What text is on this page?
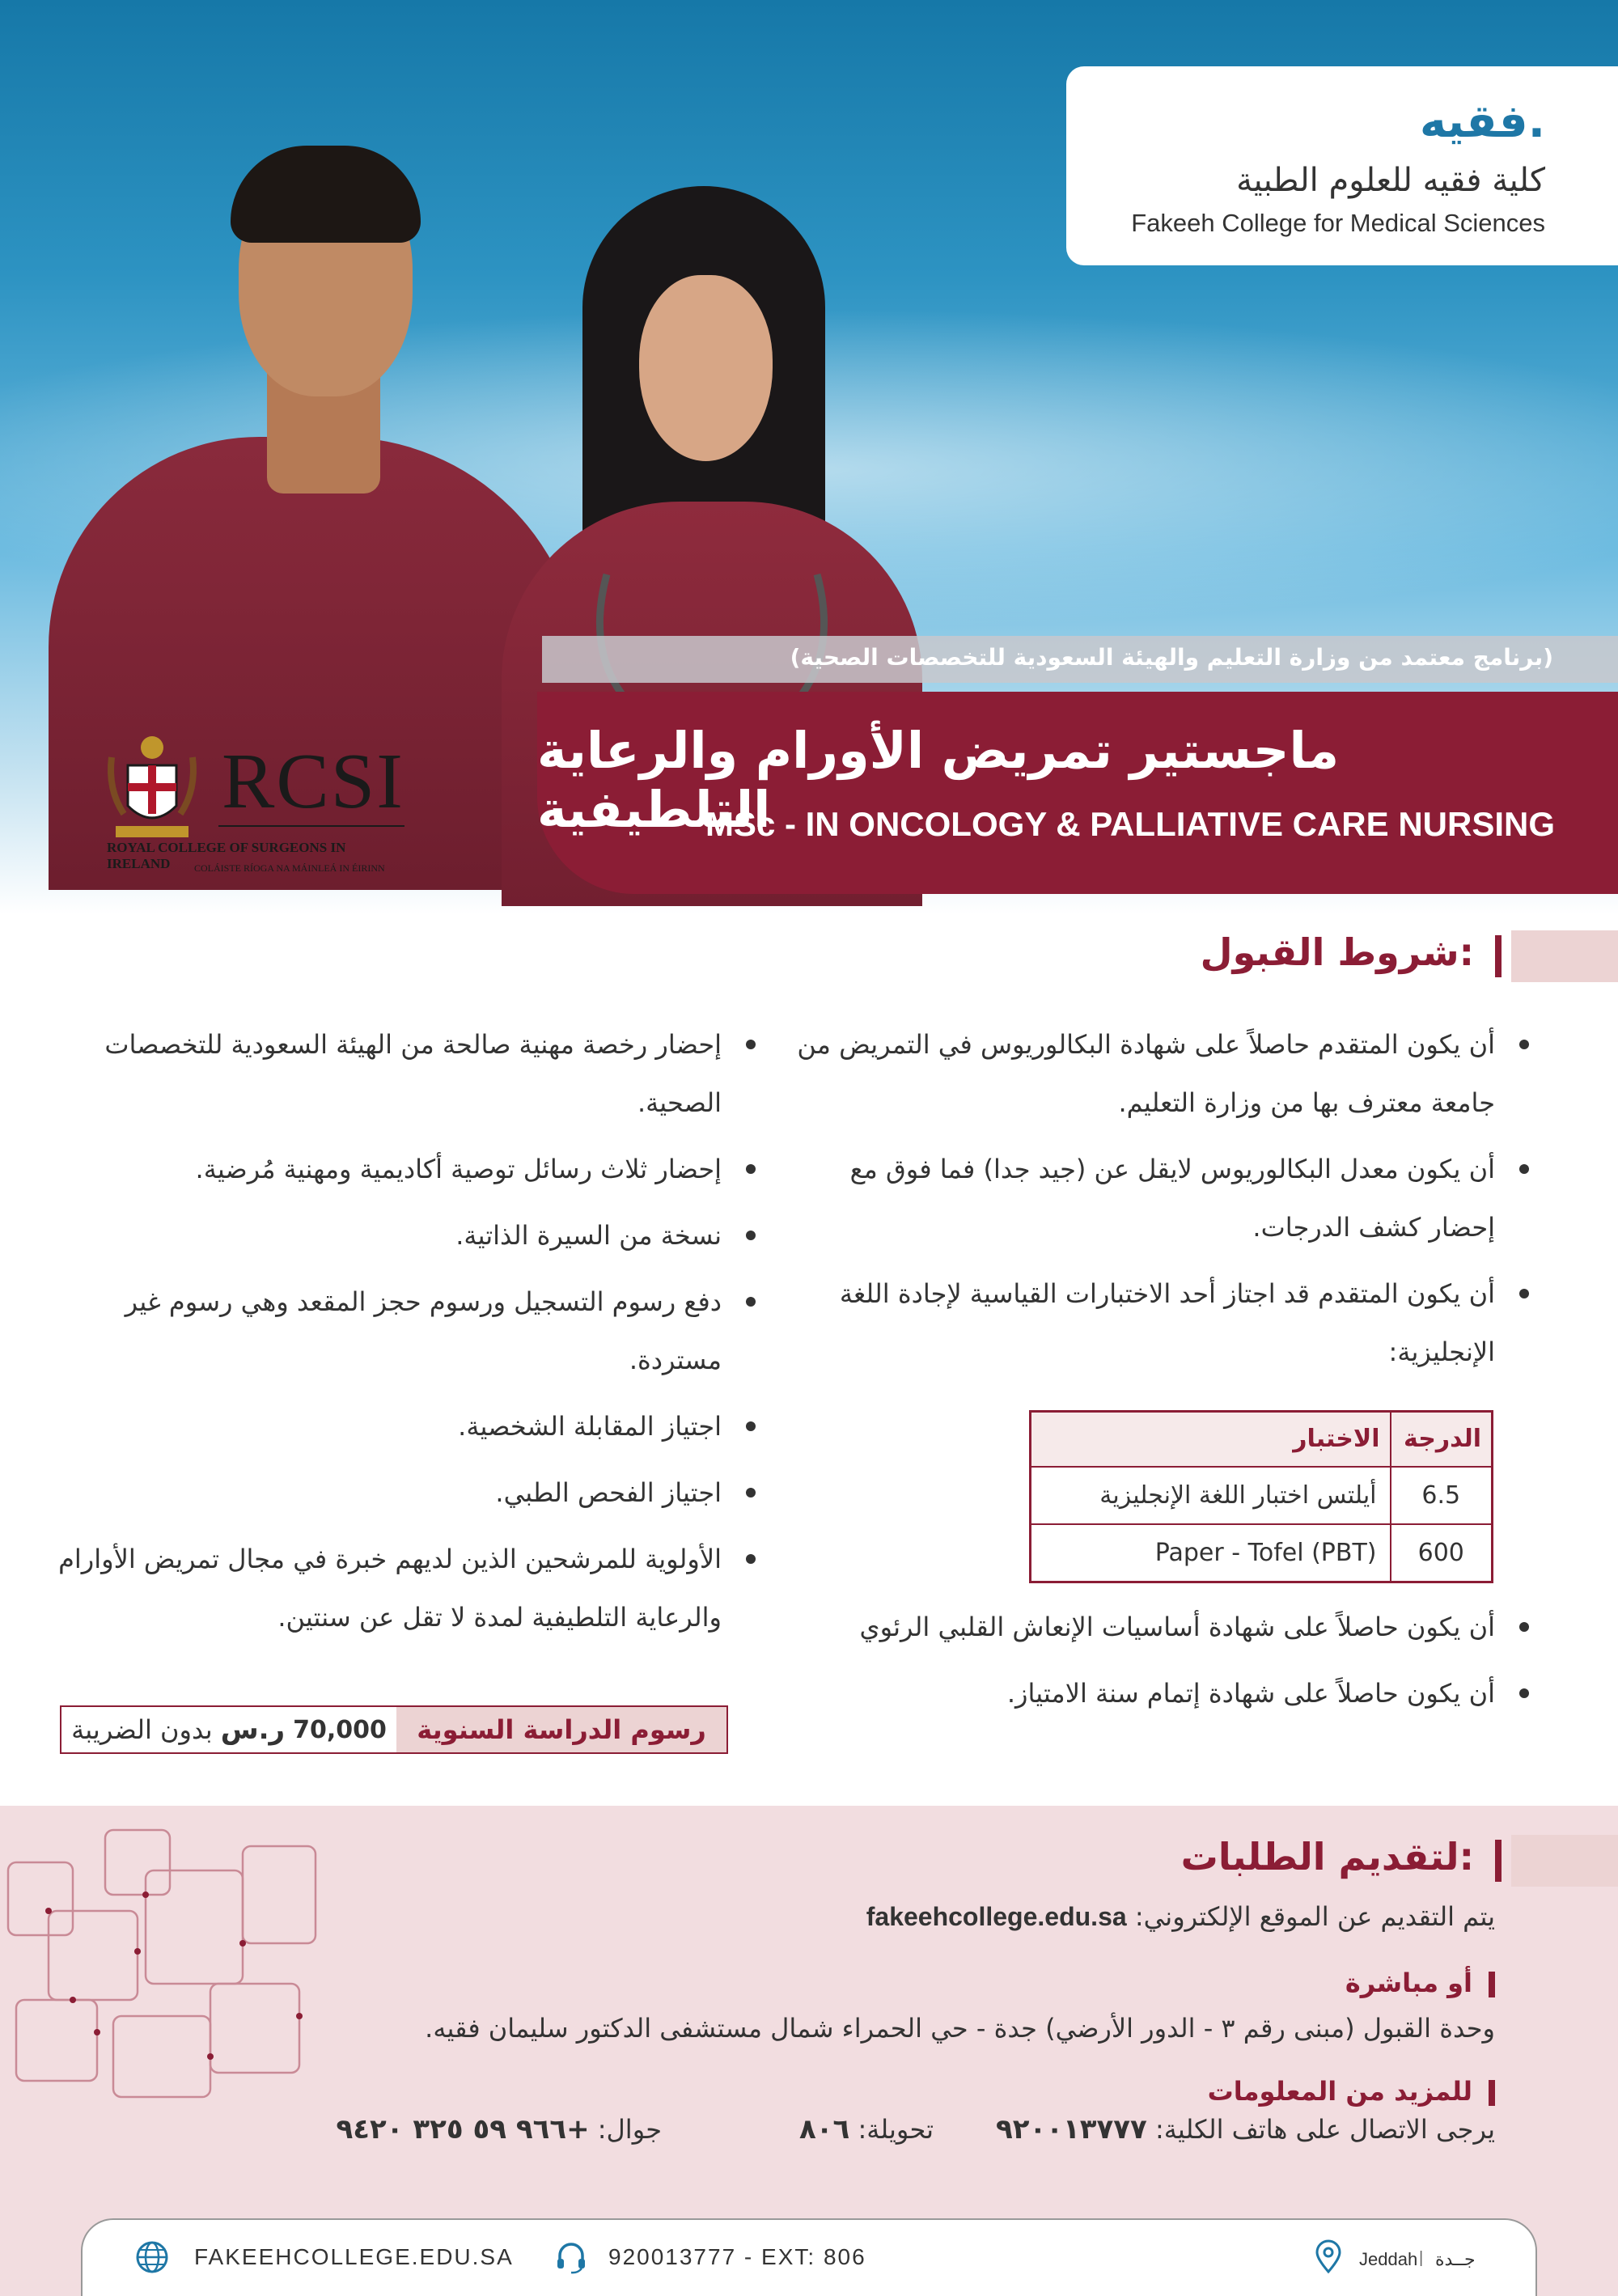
فقيه.
كلية فقيه للعلوم الطبية
Fakeeh College for Medical Sciences
(برنامج معتمد من وزارة التعليم والهيئة السعودية للتخصصات الصحية)
ماجستير تمريض الأورام والرعاية التلطيفية
MSc - IN ONCOLOGY & PALLIATIVE CARE NURSING
RCSI
ROYAL COLLEGE OF SURGEONS IN IRELAND	COLÁISTE RÍOGA NA MÁINLEÁ IN ÉIRINN
شروط القبول:
أن يكون المتقدم حاصلاً على شهادة البكالوريوس في التمريض من جامعة معترف بها من وزارة التعليم.
أن يكون معدل البكالوريوس لايقل عن (جيد جدا) فما فوق مع إحضار كشف الدرجات.
أن يكون المتقدم قد اجتاز أحد الاختبارات القياسية لإجادة اللغة الإنجليزية:
الدرجة	الاختبار
6.5	أيلتس اختبار اللغة الإنجليزية
600	Paper - Tofel (PBT)
أن يكون حاصلاً على شهادة أساسيات الإنعاش القلبي الرئوي
أن يكون حاصلاً على شهادة إتمام سنة الامتياز.
إحضار رخصة مهنية صالحة من الهيئة السعودية للتخصصات الصحية.
إحضار ثلاث رسائل توصية أكاديمية ومهنية مُرضية.
نسخة من السيرة الذاتية.
دفع رسوم التسجيل ورسوم حجز المقعد وهي رسوم غير مستردة.
اجتياز المقابلة الشخصية.
اجتياز الفحص الطبي.
الأولوية للمرشحين الذين لديهم خبرة في مجال تمريض الأوارام والرعاية التلطيفية لمدة لا تقل عن سنتين.
رسوم الدراسة السنوية
70,000
ر.س
بدون الضريبة
لتقديم الطلبات:
يتم التقديم عن الموقع الإلكتروني: fakeehcollege.edu.sa
أو مباشرة
وحدة القبول (مبنى رقم ٣ - الدور الأرضي) جدة - حي الحمراء شمال مستشفى الدكتور سليمان فقيه.
للمزيد من المعلومات
يرجى الاتصال على هاتف الكلية: ٩٢٠٠١٣٧٧٧
تحويلة: ٨٠٦
جوال: +٩٦٦ ٥٩ ٣٢٥ ٩٤٢٠
FAKEEHCOLLEGE.EDU.SA	920013777 - EXT: 806	Jeddah | جــدة
